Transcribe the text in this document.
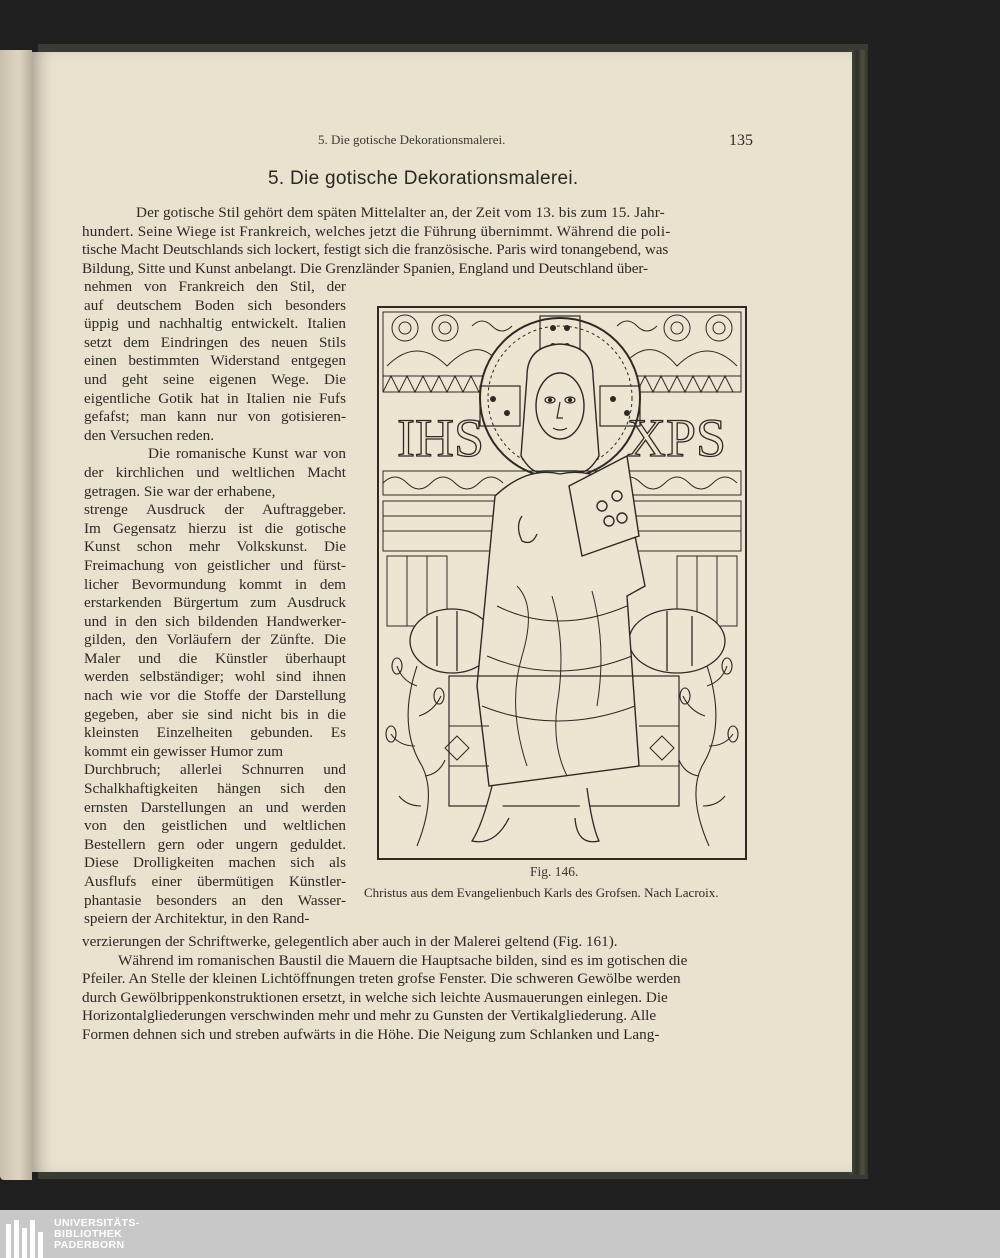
5. Die gotische Dekorationsmalerei.	135
5. Die gotische Dekorationsmalerei.
Der gotische Stil gehört dem späten Mittelalter an, der Zeit vom 13. bis zum 15. Jahr-
hundert. Seine Wiege ist Frankreich, welches jetzt die Führung übernimmt. Während die poli-
tische Macht Deutschlands sich lockert, festigt sich die französische. Paris wird tonangebend, was
Bildung, Sitte und Kunst anbelangt. Die Grenzländer Spanien, England und Deutschland über-
nehmen von Frankreich den Stil, der
auf deutschem Boden sich besonders
üppig und nachhaltig entwickelt. Italien
setzt dem Eindringen des neuen Stils
einen bestimmten Widerstand entgegen
und geht seine eigenen Wege. Die
eigentliche Gotik hat in Italien nie Fufs
gefafst; man kann nur von gotisieren-
den Versuchen reden.
Die romanische Kunst war von
der kirchlichen und weltlichen Macht
getragen. Sie war der erhabene,
strenge Ausdruck der Auftraggeber.
Im Gegensatz hierzu ist die gotische
Kunst schon mehr Volkskunst. Die
Freimachung von geistlicher und fürst-
licher Bevormundung kommt in dem
erstarkenden Bürgertum zum Ausdruck
und in den sich bildenden Handwerker-
gilden, den Vorläufern der Zünfte. Die
Maler und die Künstler überhaupt
werden selbständiger; wohl sind ihnen
nach wie vor die Stoffe der Darstellung
gegeben, aber sie sind nicht bis in die
kleinsten Einzelheiten gebunden. Es
kommt ein gewisser Humor zum
Durchbruch; allerlei Schnurren und
Schalkhaftigkeiten hängen sich den
ernsten Darstellungen an und werden
von den geistlichen und weltlichen
Bestellern gern oder ungern geduldet.
Diese Drolligkeiten machen sich als
Ausflufs einer übermütigen Künstler-
phantasie besonders an den Wasser-
speiern der Architektur, in den Rand-
verzierungen der Schriftwerke, gelegentlich aber auch in der Malerei geltend (Fig. 161).
Während im romanischen Baustil die Mauern die Hauptsache bilden, sind es im gotischen die
Pfeiler. An Stelle der kleinen Lichtöffnungen treten grofse Fenster. Die schweren Gewölbe werden
durch Gewölbrippenkonstruktionen ersetzt, in welche sich leichte Ausmauerungen einlegen. Die
Horizontalgliederungen verschwinden mehr und mehr zu Gunsten der Vertikalgliederung. Alle
Formen dehnen sich und streben aufwärts in die Höhe. Die Neigung zum Schlanken und Lang-
IHS	XPS
Fig. 146.
Christus aus dem Evangelienbuch Karls des Grofsen. Nach Lacroix.
UNIVERSITÄTS-
BIBLIOTHEK
PADERBORN
